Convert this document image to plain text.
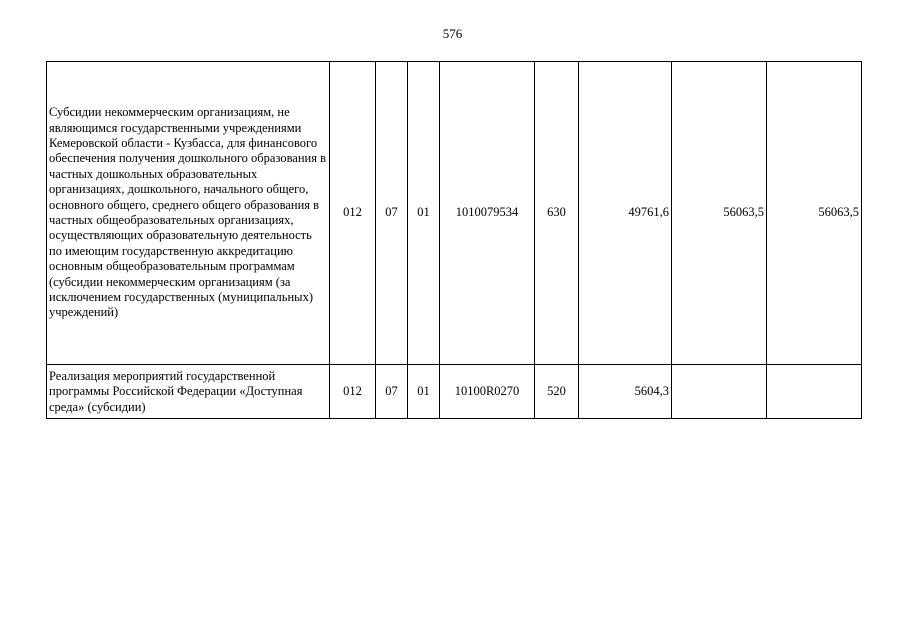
576
Субсидии некоммерческим организациям, не являющимся государственными учреждениями Кемеровской области - Кузбасса, для финансового обеспечения получения дошкольного образования в частных дошкольных образовательных организациях, дошкольного, начального общего, основного общего, среднего общего образования в частных общеобразовательных организациях, осуществляющих образовательную деятельность по имеющим государственную аккредитацию основным общеобразовательным программам (субсидии некоммерческим организациям (за исключением государственных (муниципальных) учреждений)	012	07	01	1010079534	630	49761,6	56063,5	56063,5
Реализация мероприятий государственной программы Российской Федерации «Доступная среда» (субсидии)	012	07	01	10100R0270	520	5604,3		
